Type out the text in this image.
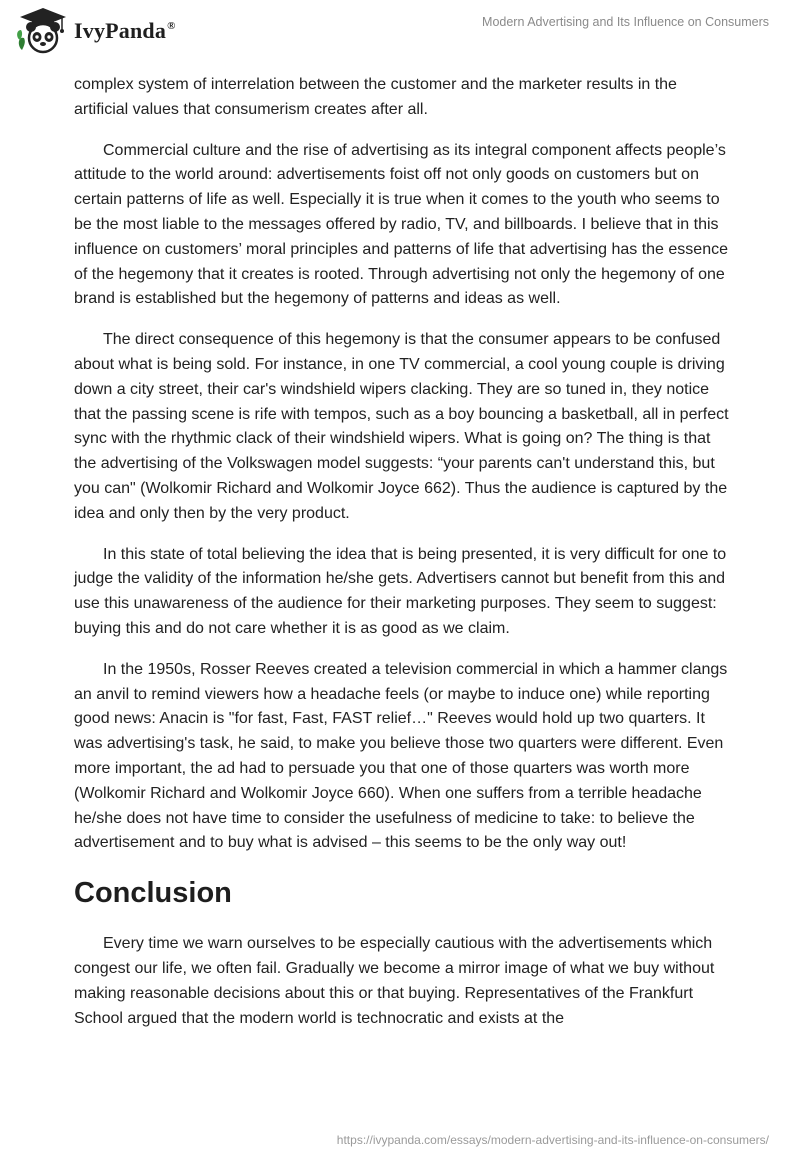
IvyPanda®	Modern Advertising and Its Influence on Consumers

complex system of interrelation between the customer and the marketer results in the artificial values that consumerism creates after all.

Commercial culture and the rise of advertising as its integral component affects people’s attitude to the world around: advertisements foist off not only goods on customers but on certain patterns of life as well. Especially it is true when it comes to the youth who seems to be the most liable to the messages offered by radio, TV, and billboards. I believe that in this influence on customers’ moral principles and patterns of life that advertising has the essence of the hegemony that it creates is rooted. Through advertising not only the hegemony of one brand is established but the hegemony of patterns and ideas as well.

The direct consequence of this hegemony is that the consumer appears to be confused about what is being sold. For instance, in one TV commercial, a cool young couple is driving down a city street, their car's windshield wipers clacking. They are so tuned in, they notice that the passing scene is rife with tempos, such as a boy bouncing a basketball, all in perfect sync with the rhythmic clack of their windshield wipers. What is going on? The thing is that the advertising of the Volkswagen model suggests: “your parents can't understand this, but you can" (Wolkomir Richard and Wolkomir Joyce 662). Thus the audience is captured by the idea and only then by the very product.

In this state of total believing the idea that is being presented, it is very difficult for one to judge the validity of the information he/she gets. Advertisers cannot but benefit from this and use this unawareness of the audience for their marketing purposes. They seem to suggest: buying this and do not care whether it is as good as we claim.

In the 1950s, Rosser Reeves created a television commercial in which a hammer clangs an anvil to remind viewers how a headache feels (or maybe to induce one) while reporting good news: Anacin is "for fast, Fast, FAST relief…" Reeves would hold up two quarters. It was advertising's task, he said, to make you believe those two quarters were different. Even more important, the ad had to persuade you that one of those quarters was worth more (Wolkomir Richard and Wolkomir Joyce 660). When one suffers from a terrible headache he/she does not have time to consider the usefulness of medicine to take: to believe the advertisement and to buy what is advised – this seems to be the only way out!

Conclusion

Every time we warn ourselves to be especially cautious with the advertisements which congest our life, we often fail. Gradually we become a mirror image of what we buy without making reasonable decisions about this or that buying. Representatives of the Frankfurt School argued that the modern world is technocratic and exists at the

https://ivypanda.com/essays/modern-advertising-and-its-influence-on-consumers/
